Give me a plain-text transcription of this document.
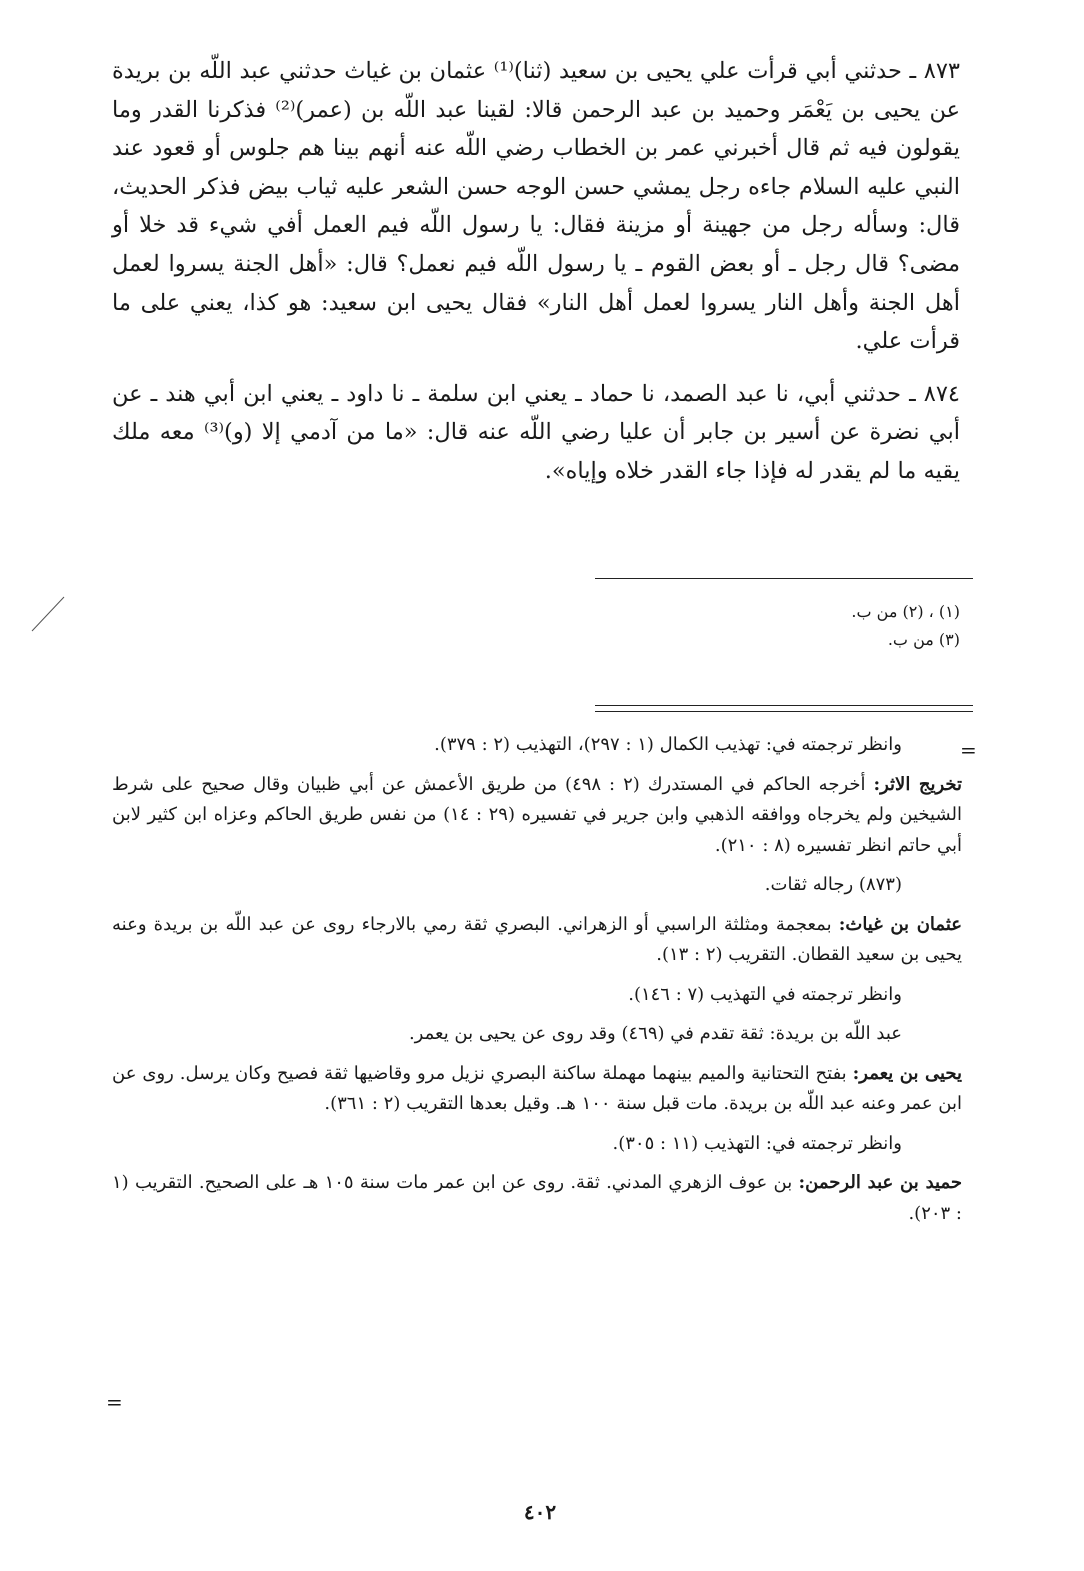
٨٧٣ ـ حدثني أبي قرأت علي يحيى بن سعيد (ثنا)⁽¹⁾ عثمان بن غياث حدثني عبد اللّه بن بريدة عن يحيى بن يَعْمَر وحميد بن عبد الرحمن قالا: لقينا عبد اللّه بن (عمر)⁽²⁾ فذكرنا القدر وما يقولون فيه ثم قال أخبرني عمر بن الخطاب رضي اللّه عنه أنهم بينا هم جلوس أو قعود عند النبي عليه السلام جاءه رجل يمشي حسن الوجه حسن الشعر عليه ثياب بيض فذكر الحديث، قال: وسأله رجل من جهينة أو مزينة فقال: يا رسول اللّه فيم العمل أفي شيء قد خلا أو مضى؟ قال رجل ـ أو بعض القوم ـ يا رسول اللّه فيم نعمل؟ قال: «أهل الجنة يسروا لعمل أهل الجنة وأهل النار يسروا لعمل أهل النار» فقال يحيى ابن سعيد: هو كذا، يعني على ما قرأت علي.

٨٧٤ ـ حدثني أبي، نا عبد الصمد، نا حماد ـ يعني ابن سلمة ـ نا داود ـ يعني ابن أبي هند ـ عن أبي نضرة عن أسير بن جابر أن عليا رضي اللّه عنه قال: «ما من آدمي إلا (و)⁽³⁾ معه ملك يقيه ما لم يقدر له فإذا جاء القدر خلاه وإياه».

(١) ، (٢) من ب.
(٣) من ب.
=

وانظر ترجمته في: تهذيب الكمال (١ : ٢٩٧)، التهذيب (٢ : ٣٧٩).

تخريج الاثر: أخرجه الحاكم في المستدرك (٢ : ٤٩٨) من طريق الأعمش عن أبي ظبيان وقال صحيح على شرط الشيخين ولم يخرجاه ووافقه الذهبي وابن جرير في تفسيره (٢٩ : ١٤) من نفس طريق الحاكم وعزاه ابن كثير لابن أبي حاتم انظر تفسيره (٨ : ٢١٠).

(٨٧٣) رجاله ثقات.

عثمان بن غياث: بمعجمة ومثلثة الراسبي أو الزهراني. البصري ثقة رمي بالارجاء روى عن عبد اللّه بن بريدة وعنه يحيى بن سعيد القطان. التقريب (٢ : ١٣).

وانظر ترجمته في التهذيب (٧ : ١٤٦).

عبد اللّه بن بريدة: ثقة تقدم في (٤٦٩) وقد روى عن يحيى بن يعمر.

يحيى بن يعمر: بفتح التحتانية والميم بينهما مهملة ساكنة البصري نزيل مرو وقاضيها ثقة فصيح وكان يرسل. روى عن ابن عمر وعنه عبد اللّه بن بريدة. مات قبل سنة ١٠٠ هـ. وقيل بعدها التقريب (٢ : ٣٦١).

وانظر ترجمته في: التهذيب (١١ : ٣٠٥).

حميد بن عبد الرحمن: بن عوف الزهري المدني. ثقة. روى عن ابن عمر مات سنة ١٠٥ هـ على الصحيح. التقريب (١ : ٢٠٣).

=
٤٠٢
